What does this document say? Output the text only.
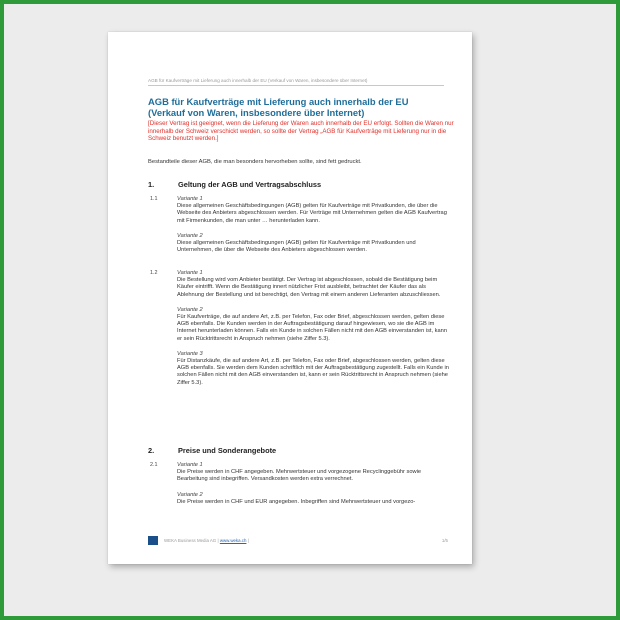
AGB für Kaufverträge mit Lieferung auch innerhalb der EU (Verkauf von Waren, insbesondere über Internet)
AGB für Kaufverträge mit Lieferung auch innerhalb der EU
(Verkauf von Waren, insbesondere über Internet)
[Dieser Vertrag ist geeignet, wenn die Lieferung der Waren auch innerhalb der EU erfolgt. Sollten die Waren nur innerhalb der Schweiz verschickt werden, so sollte der Vertrag „AGB für Kaufverträge mit Lieferung nur in die Schweiz benutzt werden.]
Bestandteile dieser AGB, die man besonders hervorheben sollte, sind fett gedruckt.
1.	Geltung der AGB und Vertragsabschluss
1.1	Variante 1
Diese allgemeinen Geschäftsbedingungen (AGB) gelten für Kaufverträge mit Privatkunden, die über die Webseite des Anbieters abgeschlossen werden. Für Verträge mit Unternehmen gelten die AGB Kaufvertrag mit Firmenkunden, die man unter … herunterladen kann.
Variante 2
Diese allgemeinen Geschäftsbedingungen (AGB) gelten für Kaufverträge mit Privatkunden und Unternehmen, die über die Webseite des Anbieters abgeschlossen werden.
1.2	Variante 1
Die Bestellung wird vom Anbieter bestätigt. Der Vertrag ist abgeschlossen, sobald die Bestätigung beim Käufer eintrifft. Wenn die Bestätigung innert nützlicher Frist ausbleibt, betrachtet der Käufer das als Ablehnung der Bestellung und ist berechtigt, den Vertrag mit einem anderen Lieferanten abzuschliessen.
Variante 2
Für Kaufverträge, die auf andere Art, z.B. per Telefon, Fax oder Brief, abgeschlossen werden, gelten diese AGB ebenfalls. Die Kunden werden in der Auftragsbestätigung darauf hingewiesen, wo sie die AGB im Internet herunterladen können. Falls ein Kunde in solchen Fällen nicht mit den AGB einverstanden ist, kann er sein Rücktrittsrecht in Anspruch nehmen (siehe Ziffer 5.3).
Variante 3
Für Distanzkäufe, die auf andere Art, z.B. per Telefon, Fax oder Brief, abgeschlossen werden, gelten diese AGB ebenfalls. Sie werden dem Kunden schriftlich mit der Auftragsbestätigung zugestellt. Falls ein Kunde in solchen Fällen nicht mit den AGB einverstanden ist, kann er sein Rücktrittsrecht in Anspruch nehmen (siehe Ziffer 5.3).
2.	Preise und Sonderangebote
2.1	Variante 1
Die Preise werden in CHF angegeben. Mehrwertsteuer und vorgezogene Recyclinggebühr sowie Bearbeitung sind inbegriffen. Versandkosten werden extra verrechnet.
Variante 2
Die Preise werden in CHF und EUR angegeben. Inbegriffen sind Mehrwertsteuer und vorgezo-
WEKA Business Media AG | www.weka.ch |	1/5
